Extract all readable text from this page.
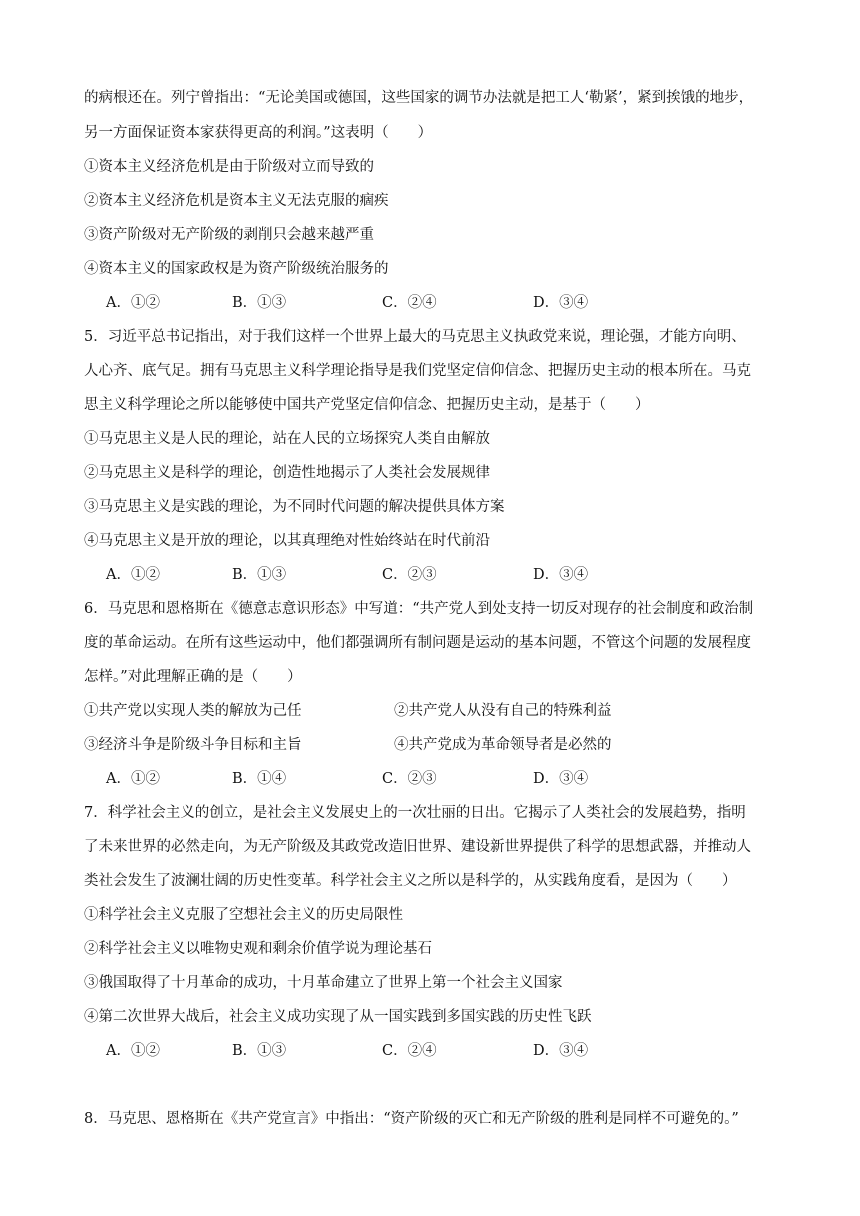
的病根还在。列宁曾指出：“无论美国或德国，这些国家的调节办法就是把工人‘勒紧’，紧到挨饿的地步，
另一方面保证资本家获得更高的利润。”这表明（　　）
①资本主义经济危机是由于阶级对立而导致的
②资本主义经济危机是资本主义无法克服的痼疾
③资产阶级对无产阶级的剥削只会越来越严重
④资本主义的国家政权是为资产阶级统治服务的
A．①②	B．①③	C．②④	D．③④
5．习近平总书记指出，对于我们这样一个世界上最大的马克思主义执政党来说，理论强，才能方向明、
人心齐、底气足。拥有马克思主义科学理论指导是我们党坚定信仰信念、把握历史主动的根本所在。马克
思主义科学理论之所以能够使中国共产党坚定信仰信念、把握历史主动，是基于（　　）
①马克思主义是人民的理论，站在人民的立场探究人类自由解放
②马克思主义是科学的理论，创造性地揭示了人类社会发展规律
③马克思主义是实践的理论，为不同时代问题的解决提供具体方案
④马克思主义是开放的理论，以其真理绝对性始终站在时代前沿
A．①②	B．①③	C．②③	D．③④
6．马克思和恩格斯在《德意志意识形态》中写道：“共产党人到处支持一切反对现存的社会制度和政治制
度的革命运动。在所有这些运动中，他们都强调所有制问题是运动的基本问题，不管这个问题的发展程度
怎样。”对此理解正确的是（　　）
①共产党以实现人类的解放为己任	②共产党人从没有自己的特殊利益
③经济斗争是阶级斗争目标和主旨	④共产党成为革命领导者是必然的
A．①②	B．①④	C．②③	D．③④
7．科学社会主义的创立，是社会主义发展史上的一次壮丽的日出。它揭示了人类社会的发展趋势，指明
了未来世界的必然走向，为无产阶级及其政党改造旧世界、建设新世界提供了科学的思想武器，并推动人
类社会发生了波澜壮阔的历史性变革。科学社会主义之所以是科学的，从实践角度看，是因为（　　）
①科学社会主义克服了空想社会主义的历史局限性
②科学社会主义以唯物史观和剩余价值学说为理论基石
③俄国取得了十月革命的成功，十月革命建立了世界上第一个社会主义国家
④第二次世界大战后，社会主义成功实现了从一国实践到多国实践的历史性飞跃
A．①②	B．①③	C．②④	D．③④
8．马克思、恩格斯在《共产党宣言》中指出：“资产阶级的灭亡和无产阶级的胜利是同样不可避免的。”
